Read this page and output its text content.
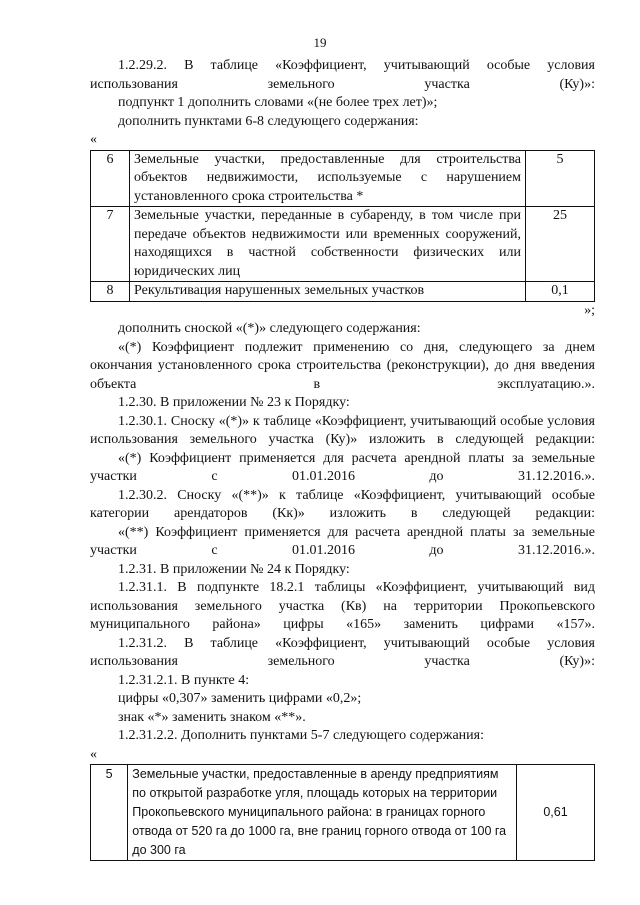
19

1.2.29.2. В таблице «Коэффициент, учитывающий особые условия использования земельного участка (Ку)»:

подпункт 1 дополнить словами «(не более трех лет)»;

дополнить пунктами 6-8 следующего содержания:

«

6	Земельные участки, предоставленные для строительства объектов недвижимости, используемые с нарушением установленного срока строительства *	5
7	Земельные участки, переданные в субаренду, в том числе при передаче объектов недвижимости или временных сооружений, находящихся в частной собственности физических или юридических лиц	25
8	Рекультивация нарушенных земельных участков	0,1

»;

дополнить сноской «(*)» следующего содержания:

«(*) Коэффициент подлежит применению со дня, следующего за днем окончания установленного срока строительства (реконструкции), до дня введения объекта в эксплуатацию.».

1.2.30. В приложении № 23 к Порядку:

1.2.30.1. Сноску «(*)» к таблице «Коэффициент, учитывающий особые условия использования земельного участка (Ку)» изложить в следующей редакции:

«(*) Коэффициент применяется для расчета арендной платы за земельные участки с 01.01.2016 до 31.12.2016.».

1.2.30.2. Сноску «(**)» к таблице «Коэффициент, учитывающий особые категории арендаторов (Кк)» изложить в следующей редакции:

«(**) Коэффициент применяется для расчета арендной платы за земельные участки с 01.01.2016 до 31.12.2016.».

1.2.31. В приложении № 24 к Порядку:

1.2.31.1. В подпункте 18.2.1 таблицы «Коэффициент, учитывающий вид использования земельного участка (Кв) на территории Прокопьевского муниципального района» цифры «165» заменить цифрами «157».

1.2.31.2. В таблице «Коэффициент, учитывающий особые условия использования земельного участка (Ку)»:

1.2.31.2.1. В пункте 4:

цифры «0,307» заменить цифрами «0,2»;

знак «*» заменить знаком «**».

1.2.31.2.2. Дополнить пунктами 5-7 следующего содержания:

«

5	Земельные участки, предоставленные в аренду предприятиям по открытой разработке угля, площадь которых на территории Прокопьевского муниципального района: в границах горного отвода от 520 га до 1000 га, вне границ горного отвода от 100 га до 300 га	0,61
